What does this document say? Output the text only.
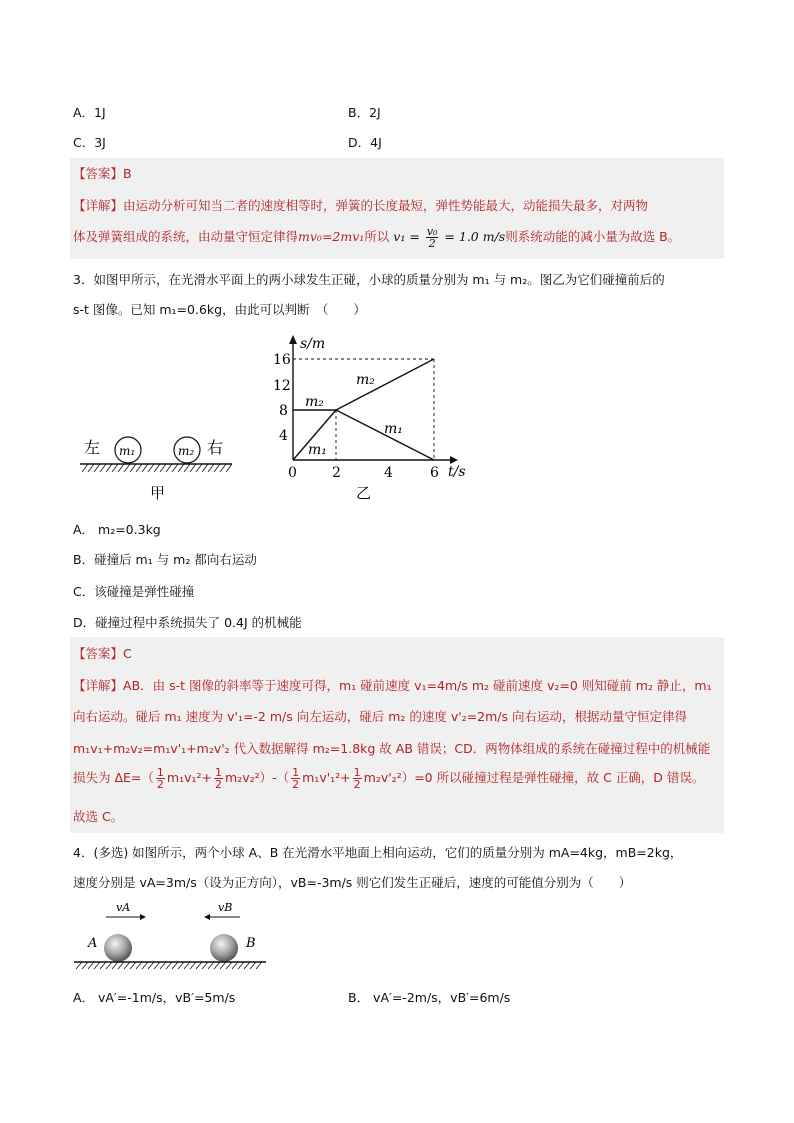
A．1J	B．2J
C．3J	D．4J
【答案】B
【详解】由运动分析可知当二者的速度相等时，弹簧的长度最短，弹性势能最大，动能损失最多，对两物
体及弹簧组成的系统，由动量守恒定律得mv₀=2mv₁所以 $v_1 = \frac{\text{v₀}}{2} = 1.0$ m/s则系统动能的减小量为故选 B。
3．如图甲所示，在光滑水平面上的两小球发生正碰，小球的质量分别为 m₁ 与 m₂。图乙为它们碰撞前后的
s-t 图像。已知 m₁=0.6kg，由此可以判断　（　　）
左	右
m₁	m₂
甲
s/m
t/s
4
8
12
16
0	2	4	6
m₂
m₂
m₁
m₁
乙
A． m₂=0.3kg
B．碰撞后 m₁ 与 m₂ 都向右运动
C．该碰撞是弹性碰撞
D．碰撞过程中系统损失了 0.4J 的机械能
【答案】C
【详解】AB．由 s-t 图像的斜率等于速度可得，m₁ 碰前速度 v₁=4m/s m₂ 碰前速度 v₂=0 则知碰前 m₂ 静止，m₁
向右运动。碰后 m₁ 速度为 v'₁=-2 m/s 向左运动，碰后 m₂ 的速度 v'₂=2m/s 向右运动，根据动量守恒定律得
m₁v₁+m₂v₂=m₁v'₁+m₂v'₂ 代入数据解得 m₂=1.8kg 故 AB 错误；CD．两物体组成的系统在碰撞过程中的机械能
损失为 $\Delta E=( \frac{1}{2} m_1v_1^2+ \frac{1}{2} m_2v_2^2)-( \frac{1}{2} m_1v'_1^2+ \frac{1}{2} m_2v'_2^2)=0$ 所以碰撞过程是弹性碰撞，故 C 正确，D 错误。
故选 C。
4．(多选) 如图所示，两个小球 A、B 在光滑水平地面上相向运动，它们的质量分别为 mA=4kg，mB=2kg，
速度分别是 vA=3m/s（设为正方向），vB=-3m/s 则它们发生正碰后，速度的可能值分别为（　　）
vA	vB
A	B
A． vA′=-1m/s，vB′=5m/s	B． vA′=-2m/s，vB′=6m/s
